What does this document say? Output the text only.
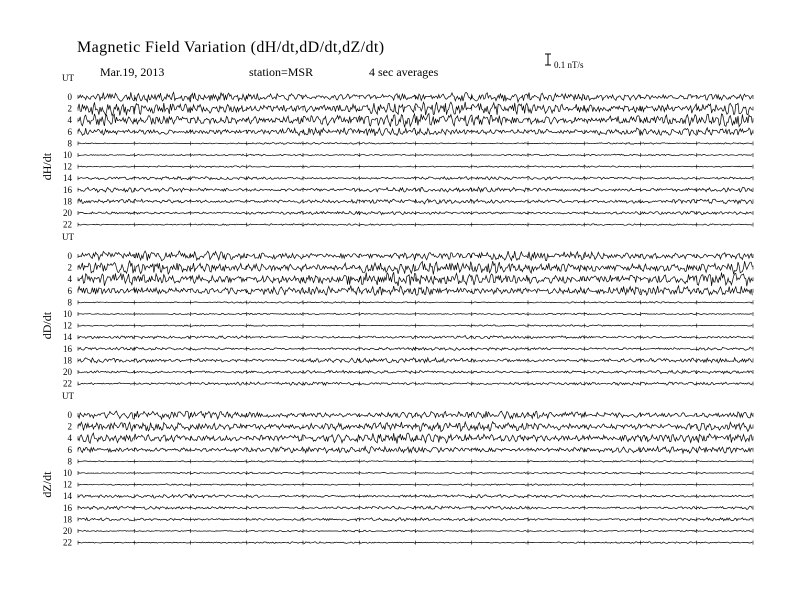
Magnetic Field Variation (dH/dt,dD/dt,dZ/dt)
Mar.19, 2013	station=MSR	4 sec averages	0.1 nT/s
UT
dH/dt
0
2
4
6
8
10
12
14
16
18
20
22
UT
dD/dt
0
2
4
6
8
10
12
14
16
18
20
22
UT
dZ/dt
0
2
4
6
8
10
12
14
16
18
20
22
